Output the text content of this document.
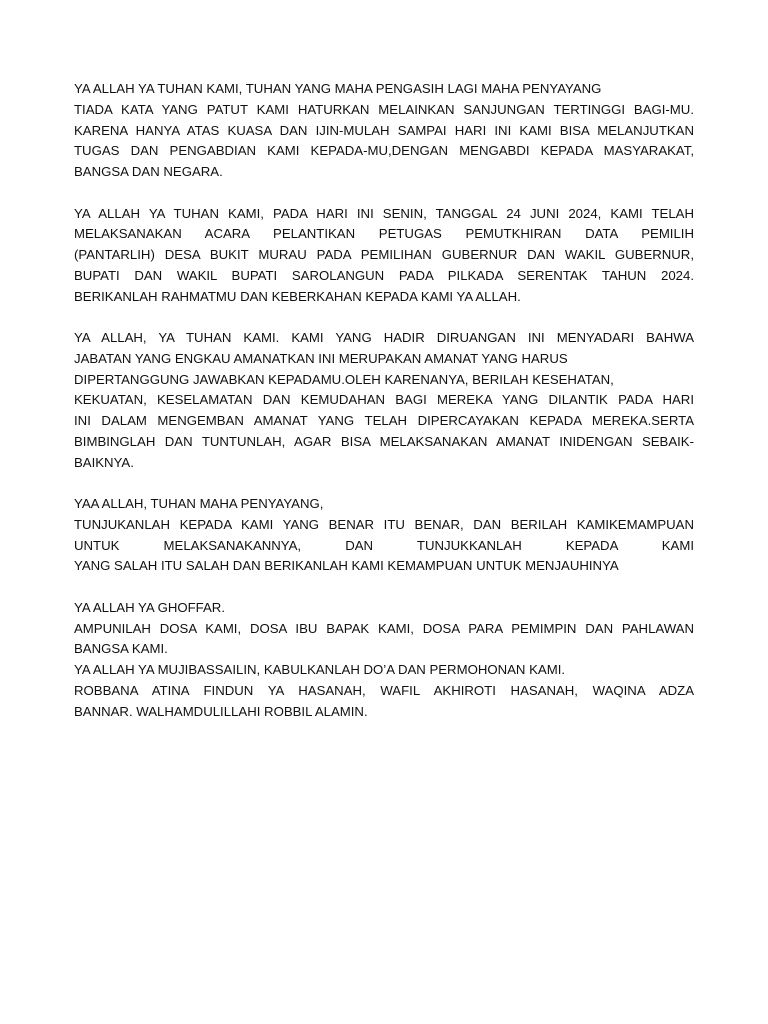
YA ALLAH YA TUHAN KAMI, TUHAN YANG MAHA PENGASIH LAGI MAHA PENYAYANG
TIADA KATA YANG PATUT KAMI HATURKAN MELAINKAN SANJUNGAN TERTINGGI BAGI-MU.
KARENA HANYA ATAS KUASA DAN IJIN-MULAH SAMPAI HARI INI KAMI BISA MELANJUTKAN
TUGAS DAN PENGABDIAN KAMI KEPADA-MU,DENGAN MENGABDI KEPADA MASYARAKAT,
BANGSA DAN NEGARA.
YA ALLAH YA TUHAN KAMI, PADA HARI INI SENIN, TANGGAL 24 JUNI 2024, KAMI TELAH
MELAKSANAKAN ACARA PELANTIKAN PETUGAS PEMUTKHIRAN DATA PEMILIH
(PANTARLIH) DESA BUKIT MURAU PADA PEMILIHAN GUBERNUR DAN WAKIL GUBERNUR,
BUPATI DAN WAKIL BUPATI SAROLANGUN PADA PILKADA SERENTAK TAHUN 2024.
BERIKANLAH RAHMATMU DAN KEBERKAHAN KEPADA KAMI YA ALLAH.
YA ALLAH, YA TUHAN KAMI. KAMI YANG HADIR DIRUANGAN INI MENYADARI BAHWA
JABATAN YANG ENGKAU AMANATKAN INI MERUPAKAN AMANAT YANG HARUS
DIPERTANGGUNG JAWABKAN KEPADAMU.OLEH KARENANYA, BERILAH KESEHATAN,
KEKUATAN, KESELAMATAN DAN KEMUDAHAN BAGI MEREKA YANG DILANTIK PADA HARI
INI DALAM MENGEMBAN AMANAT YANG TELAH DIPERCAYAKAN KEPADA MEREKA.SERTA
BIMBINGLAH DAN TUNTUNLAH, AGAR BISA MELAKSANAKAN AMANAT INIDENGAN SEBAIK-
BAIKNYA.
YAA ALLAH, TUHAN MAHA PENYAYANG,
TUNJUKANLAH KEPADA KAMI YANG BENAR ITU BENAR, DAN BERILAH KAMIKEMAMPUAN
UNTUK MELAKSANAKANNYA, DAN TUNJUKKANLAH KEPADA KAMI
YANG SALAH ITU SALAH DAN BERIKANLAH KAMI KEMAMPUAN UNTUK MENJAUHINYA
YA ALLAH YA GHOFFAR.
AMPUNILAH DOSA KAMI, DOSA IBU BAPAK KAMI, DOSA PARA PEMIMPIN DAN PAHLAWAN
BANGSA KAMI.
YA ALLAH YA MUJIBASSAILIN, KABULKANLAH DO’A DAN PERMOHONAN KAMI.
ROBBANA ATINA FINDUN YA HASANAH, WAFIL AKHIROTI HASANAH, WAQINA ADZA
BANNAR. WALHAMDULILLAHI ROBBIL ALAMIN.
